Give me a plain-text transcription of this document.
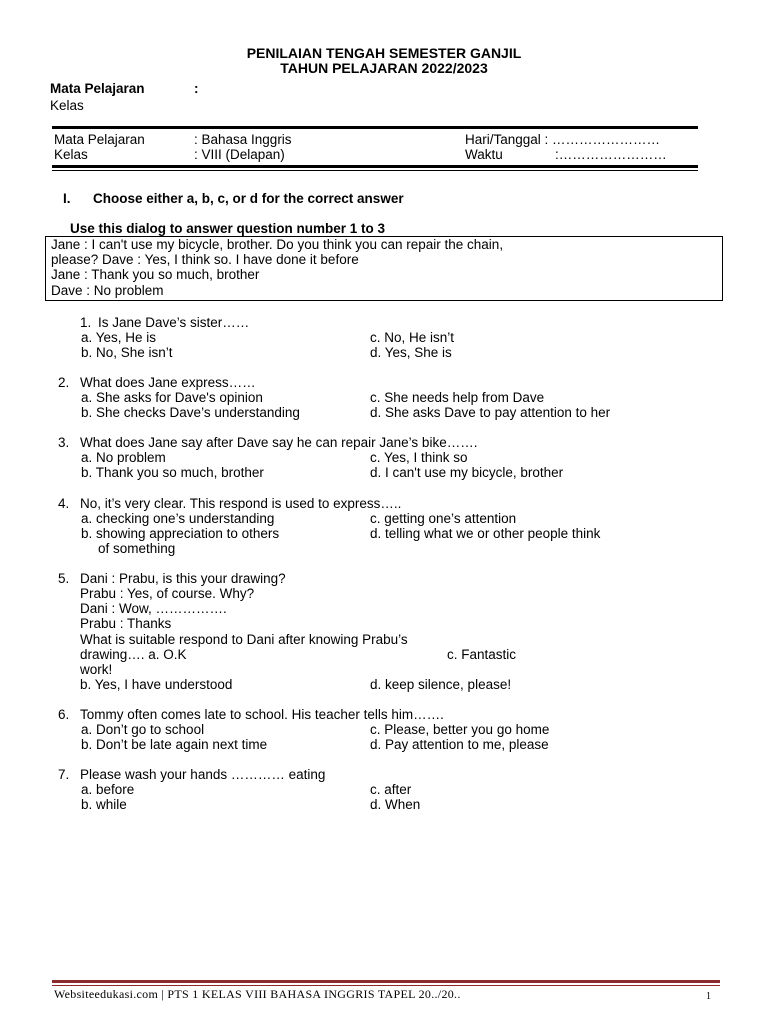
PENILAIAN TENGAH SEMESTER GANJIL
TAHUN PELAJARAN 2022/2023
Mata Pelajaran	:
Kelas
Mata Pelajaran	: Bahasa Inggris	Hari/Tanggal : ……………………
Kelas	: VIII (Delapan)	Waktu	:……………………
I. Choose either a, b, c, or d for the correct answer
Use this dialog to answer question number 1 to 3
Jane : I can't use my bicycle, brother. Do you think you can repair the chain,
please? Dave : Yes, I think so. I have done it before
Jane : Thank you so much, brother
Dave : No problem
1. Is Jane Dave’s sister……
a. Yes, He is	c. No, He isn’t
b. No, She isn’t	d. Yes, She is
2. What does Jane express……
a. She asks for Dave's opinion	c. She needs help from Dave
b. She checks Dave’s understanding	d. She asks Dave to pay attention to her
3. What does Jane say after Dave say he can repair Jane’s bike…….
a. No problem	c. Yes, I think so
b. Thank you so much, brother	d. I can't use my bicycle, brother
4. No, it’s very clear. This respond is used to express…..
a. checking one’s understanding	c. getting one’s attention
b. showing appreciation to others	d. telling what we or other people think
of something
5. Dani : Prabu, is this your drawing?
Prabu : Yes, of course. Why?
Dani : Wow, …………….
Prabu : Thanks
What is suitable respond to Dani after knowing Prabu’s
drawing…. a. O.K	c. Fantastic
work!
b. Yes, I have understood	d. keep silence, please!
6. Tommy often comes late to school. His teacher tells him…….
a. Don’t go to school	c. Please, better you go home
b. Don’t be late again next time	d. Pay attention to me, please
7. Please wash your hands ………… eating
a. before	c. after
b. while	d. When
Websiteedukasi.com | PTS 1 KELAS VIII BAHASA INGGRIS TAPEL 20../20..	1
